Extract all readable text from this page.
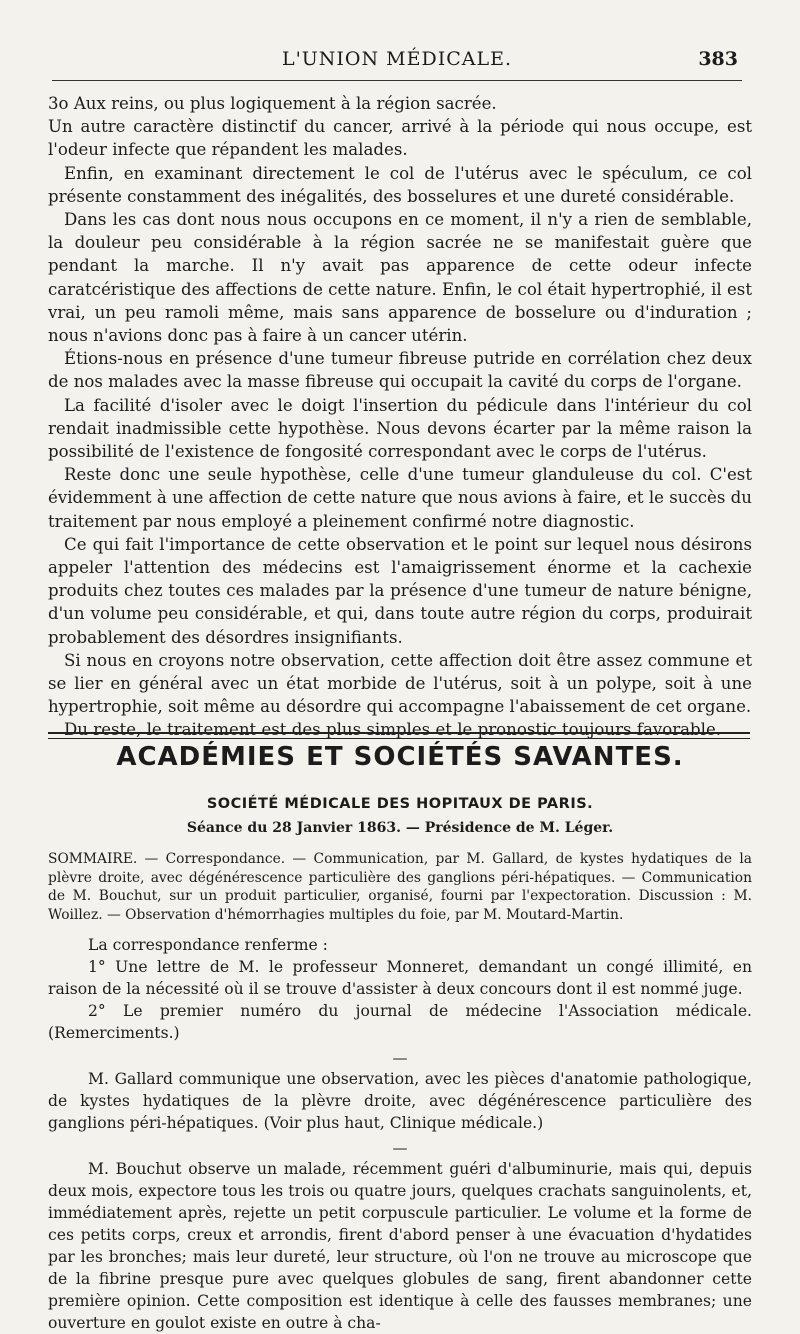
L'UNION MÉDICALE.	383

3o Aux reins, ou plus logiquement à la région sacrée.

Un autre caractère distinctif du cancer, arrivé à la période qui nous occupe, est l'odeur infecte que répandent les malades.

Enfin, en examinant directement le col de l'utérus avec le spéculum, ce col présente constamment des inégalités, des bosselures et une dureté considérable.

Dans les cas dont nous nous occupons en ce moment, il n'y a rien de semblable, la douleur peu considérable à la région sacrée ne se manifestait guère que pendant la marche. Il n'y avait pas apparence de cette odeur infecte caratcéristique des affections de cette nature. Enfin, le col était hypertrophié, il est vrai, un peu ramoli même, mais sans apparence de bosselure ou d'induration ; nous n'avions donc pas à faire à un cancer utérin.

Étions-nous en présence d'une tumeur fibreuse putride en corrélation chez deux de nos malades avec la masse fibreuse qui occupait la cavité du corps de l'organe.

La facilité d'isoler avec le doigt l'insertion du pédicule dans l'intérieur du col rendait inadmissible cette hypothèse. Nous devons écarter par la même raison la possibilité de l'existence de fongosité correspondant avec le corps de l'utérus.

Reste donc une seule hypothèse, celle d'une tumeur glanduleuse du col. C'est évidemment à une affection de cette nature que nous avions à faire, et le succès du traitement par nous employé a pleinement confirmé notre diagnostic.

Ce qui fait l'importance de cette observation et le point sur lequel nous désirons appeler l'attention des médecins est l'amaigrissement énorme et la cachexie produits chez toutes ces malades par la présence d'une tumeur de nature bénigne, d'un volume peu considérable, et qui, dans toute autre région du corps, produirait probablement des désordres insignifiants.

Si nous en croyons notre observation, cette affection doit être assez commune et se lier en général avec un état morbide de l'utérus, soit à un polype, soit à une hypertrophie, soit même au désordre qui accompagne l'abaissement de cet organe.

Du reste, le traitement est des plus simples et le pronostic toujours favorable.

ACADÉMIES ET SOCIÉTÉS SAVANTES.
SOCIÉTÉ MÉDICALE DES HOPITAUX DE PARIS.
Séance du 28 Janvier 1863. — Présidence de M. Léger.

SOMMAIRE. — Correspondance. — Communication, par M. Gallard, de kystes hydatiques de la plèvre droite, avec dégénérescence particulière des ganglions péri-hépatiques. — Communication de M. Bouchut, sur un produit particulier, organisé, fourni par l'expectoration. Discussion : M. Woillez. — Observation d'hémorrhagies multiples du foie, par M. Moutard-Martin.

La correspondance renferme :

1° Une lettre de M. le professeur Monneret, demandant un congé illimité, en raison de la nécessité où il se trouve d'assister à deux concours dont il est nommé juge.

2° Le premier numéro du journal de médecine l'Association médicale. (Remerciments.)

—

M. Gallard communique une observation, avec les pièces d'anatomie pathologique, de kystes hydatiques de la plèvre droite, avec dégénérescence particulière des ganglions péri-hépatiques. (Voir plus haut, Clinique médicale.)

—

M. Bouchut observe un malade, récemment guéri d'albuminurie, mais qui, depuis deux mois, expectore tous les trois ou quatre jours, quelques crachats sanguinolents, et, immédiatement après, rejette un petit corpuscule particulier. Le volume et la forme de ces petits corps, creux et arrondis, firent d'abord penser à une évacuation d'hydatides par les bronches; mais leur dureté, leur structure, où l'on ne trouve au microscope que de la fibrine presque pure avec quelques globules de sang, firent abandonner cette première opinion. Cette composition est identique à celle des fausses membranes; une ouverture en goulot existe en outre à cha-
